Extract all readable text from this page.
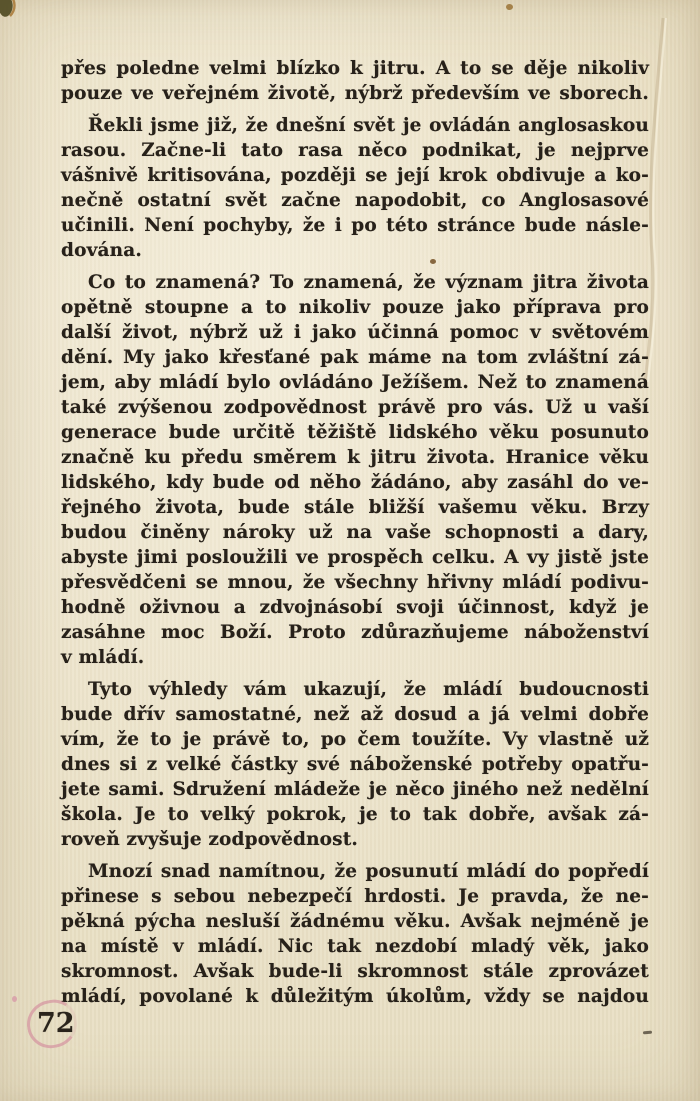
přes poledne velmi blízko k jitru. A to se děje nikoliv
pouze ve veřejném životě, nýbrž především ve sborech.
Řekli jsme již, že dnešní svět je ovládán anglosaskou
rasou. Začne-li tato rasa něco podnikat, je nejprve
vášnivě kritisována, později se její krok obdivuje a ko-
nečně ostatní svět začne napodobit, co Anglosasové
učinili. Není pochyby, že i po této stránce bude násle-
dována.
Co to znamená? To znamená, že význam jitra života
opětně stoupne a to nikoliv pouze jako příprava pro
další život, nýbrž už i jako účinná pomoc v světovém
dění. My jako křesťané pak máme na tom zvláštní zá-
jem, aby mládí bylo ovládáno Ježíšem. Než to znamená
také zvýšenou zodpovědnost právě pro vás. Už u vaší
generace bude určitě těžiště lidského věku posunuto
značně ku předu směrem k jitru života. Hranice věku
lidského, kdy bude od něho žádáno, aby zasáhl do ve-
řejného života, bude stále bližší vašemu věku. Brzy
budou činěny nároky už na vaše schopnosti a dary,
abyste jimi posloužili ve prospěch celku. A vy jistě jste
přesvědčeni se mnou, že všechny hřivny mládí podivu-
hodně oživnou a zdvojnásobí svoji účinnost, když je
zasáhne moc Boží. Proto zdůrazňujeme náboženství
v mládí.
Tyto výhledy vám ukazují, že mládí budoucnosti
bude dřív samostatné, než až dosud a já velmi dobře
vím, že to je právě to, po čem toužíte. Vy vlastně už
dnes si z velké částky své náboženské potřeby opatřu-
jete sami. Sdružení mládeže je něco jiného než nedělní
škola. Je to velký pokrok, je to tak dobře, avšak zá-
roveň zvyšuje zodpovědnost.
Mnozí snad namítnou, že posunutí mládí do popředí
přinese s sebou nebezpečí hrdosti. Je pravda, že ne-
pěkná pýcha nesluší žádnému věku. Avšak nejméně je
na místě v mládí. Nic tak nezdobí mladý věk, jako
skromnost. Avšak bude-li skromnost stále zprovázet
mládí, povolané k důležitým úkolům, vždy se najdou
72
